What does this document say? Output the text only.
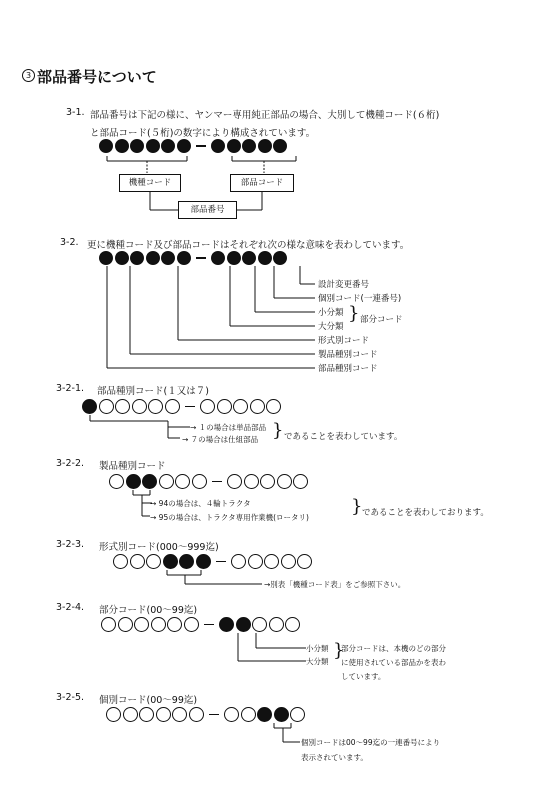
3 部品番号について
3-1. 部品番号は下記の様に、ヤンマー専用純正部品の場合、大別して機種コード(６桁)
と部品コード(５桁)の数字により構成されています。
機種コード	部品コード
部品番号
3-2. 更に機種コード及び部品コードはそれぞれ次の様な意味を表わしています。
設計変更番号
個別コード(一連番号)
小分類
大分類
} 部分コード
形式別コード
製品種別コード
部品種別コード
3-2-1. 部品種別コード(１又は７)
→ １の場合は単品部品
→ ７の場合は仕組部品 } であることを表わしています。
3-2-2. 製品種別コード
→ 94の場合は、４輪トラクタ
→ 95の場合は、トラクタ専用作業機(ロータリ)
} であることを表わしております。
3-2-3. 形式別コード(000〜999迄)
→別表「機種コード表」をご参照下さい。
3-2-4. 部分コード(00〜99迄)
小分類
大分類
}
部分コードは、本機のどの部分
に使用されている部品かを表わ
しています。
3-2-5. 個別コード(00〜99迄)
個別コードは00〜99迄の一連番号により
表示されています。
